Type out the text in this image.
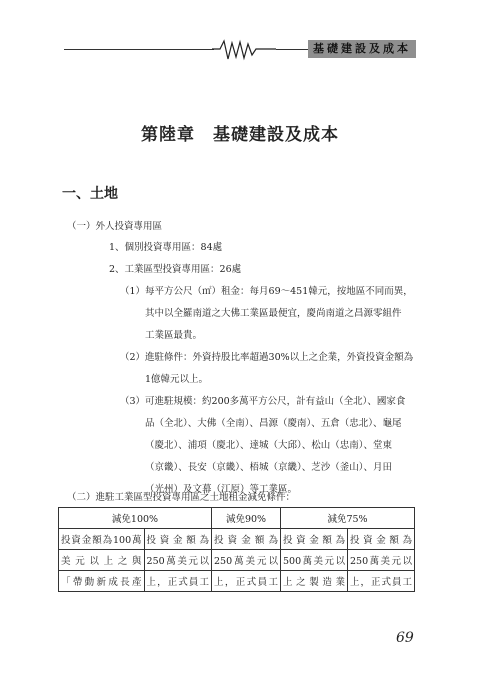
基礎建設及成本
第陸章　基礎建設及成本
一、土地
（一）外人投資專用區
1、個別投資專用區：84處
2、工業區型投資專用區：26處
（1）每平方公尺（㎡）租金：每月69～451韓元，按地區不同而異，
其中以全羅南道之大佛工業區最便宜，慶尚南道之昌源零組件
工業區最貴。
（2）進駐條件：外資持股比率超過30%以上之企業，外資投資金額為
1億韓元以上。
（3）可進駐規模：約200多萬平方公尺，計有益山（全北）、國家食
品（全北）、大佛（全南）、昌源（慶南）、五倉（忠北）、龜尾
（慶北）、浦項（慶北）、達城（大邱）、松山（忠南）、堂東
（京畿）、長安（京畿）、梧城（京畿）、芝沙（釜山）、月田
（光州）及文幕（江原）等工業區。
（二）進駐工業區型投資專用區之土地租金減免條件：
減免100%		減免90%	減免75%	
投資金額為100萬	投資金額為	投資金額為	投資金額為	投資金額為
美元以上之與	250萬美元以	250萬美元以	500萬美元以	250萬美元以
「帶動新成長產	上，正式員工	上，正式員工	上之製造業	上，正式員工
69
